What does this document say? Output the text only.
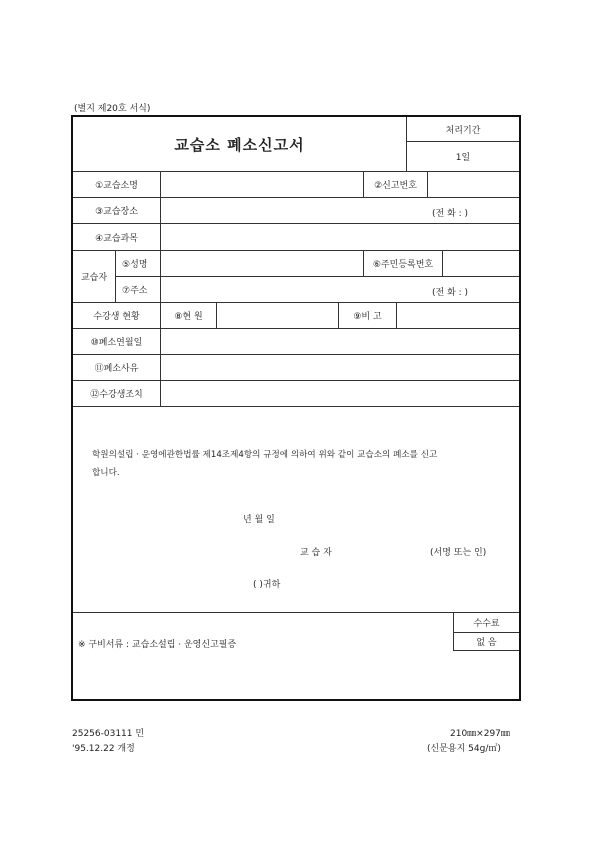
(별지 제20호 서식)
교습소 폐소신고서
처리기간
1일
①교습소명	②신고번호
③교습장소	(전 화 : )
④교습과목
교습자
⑤성명	⑥주민등록번호
⑦주소	(전 화 : )
수강생 현황	⑧현 원	⑨비 고
⑩폐소연월일
⑪폐소사유
⑫수강생조치
학원의설립 · 운영에관한법률 제14조제4항의 규정에 의하여 위와 같이 교습소의 폐소를 신고
합니다.
년 월 일
교 습 자	(서명 또는 인)
( )귀하
※ 구비서류 : 교습소설립 · 운영신고필증
수수료
없 음
25256-03111 민
'95.12.22 개정
210㎜×297㎜
(신문용지 54g/㎡)
